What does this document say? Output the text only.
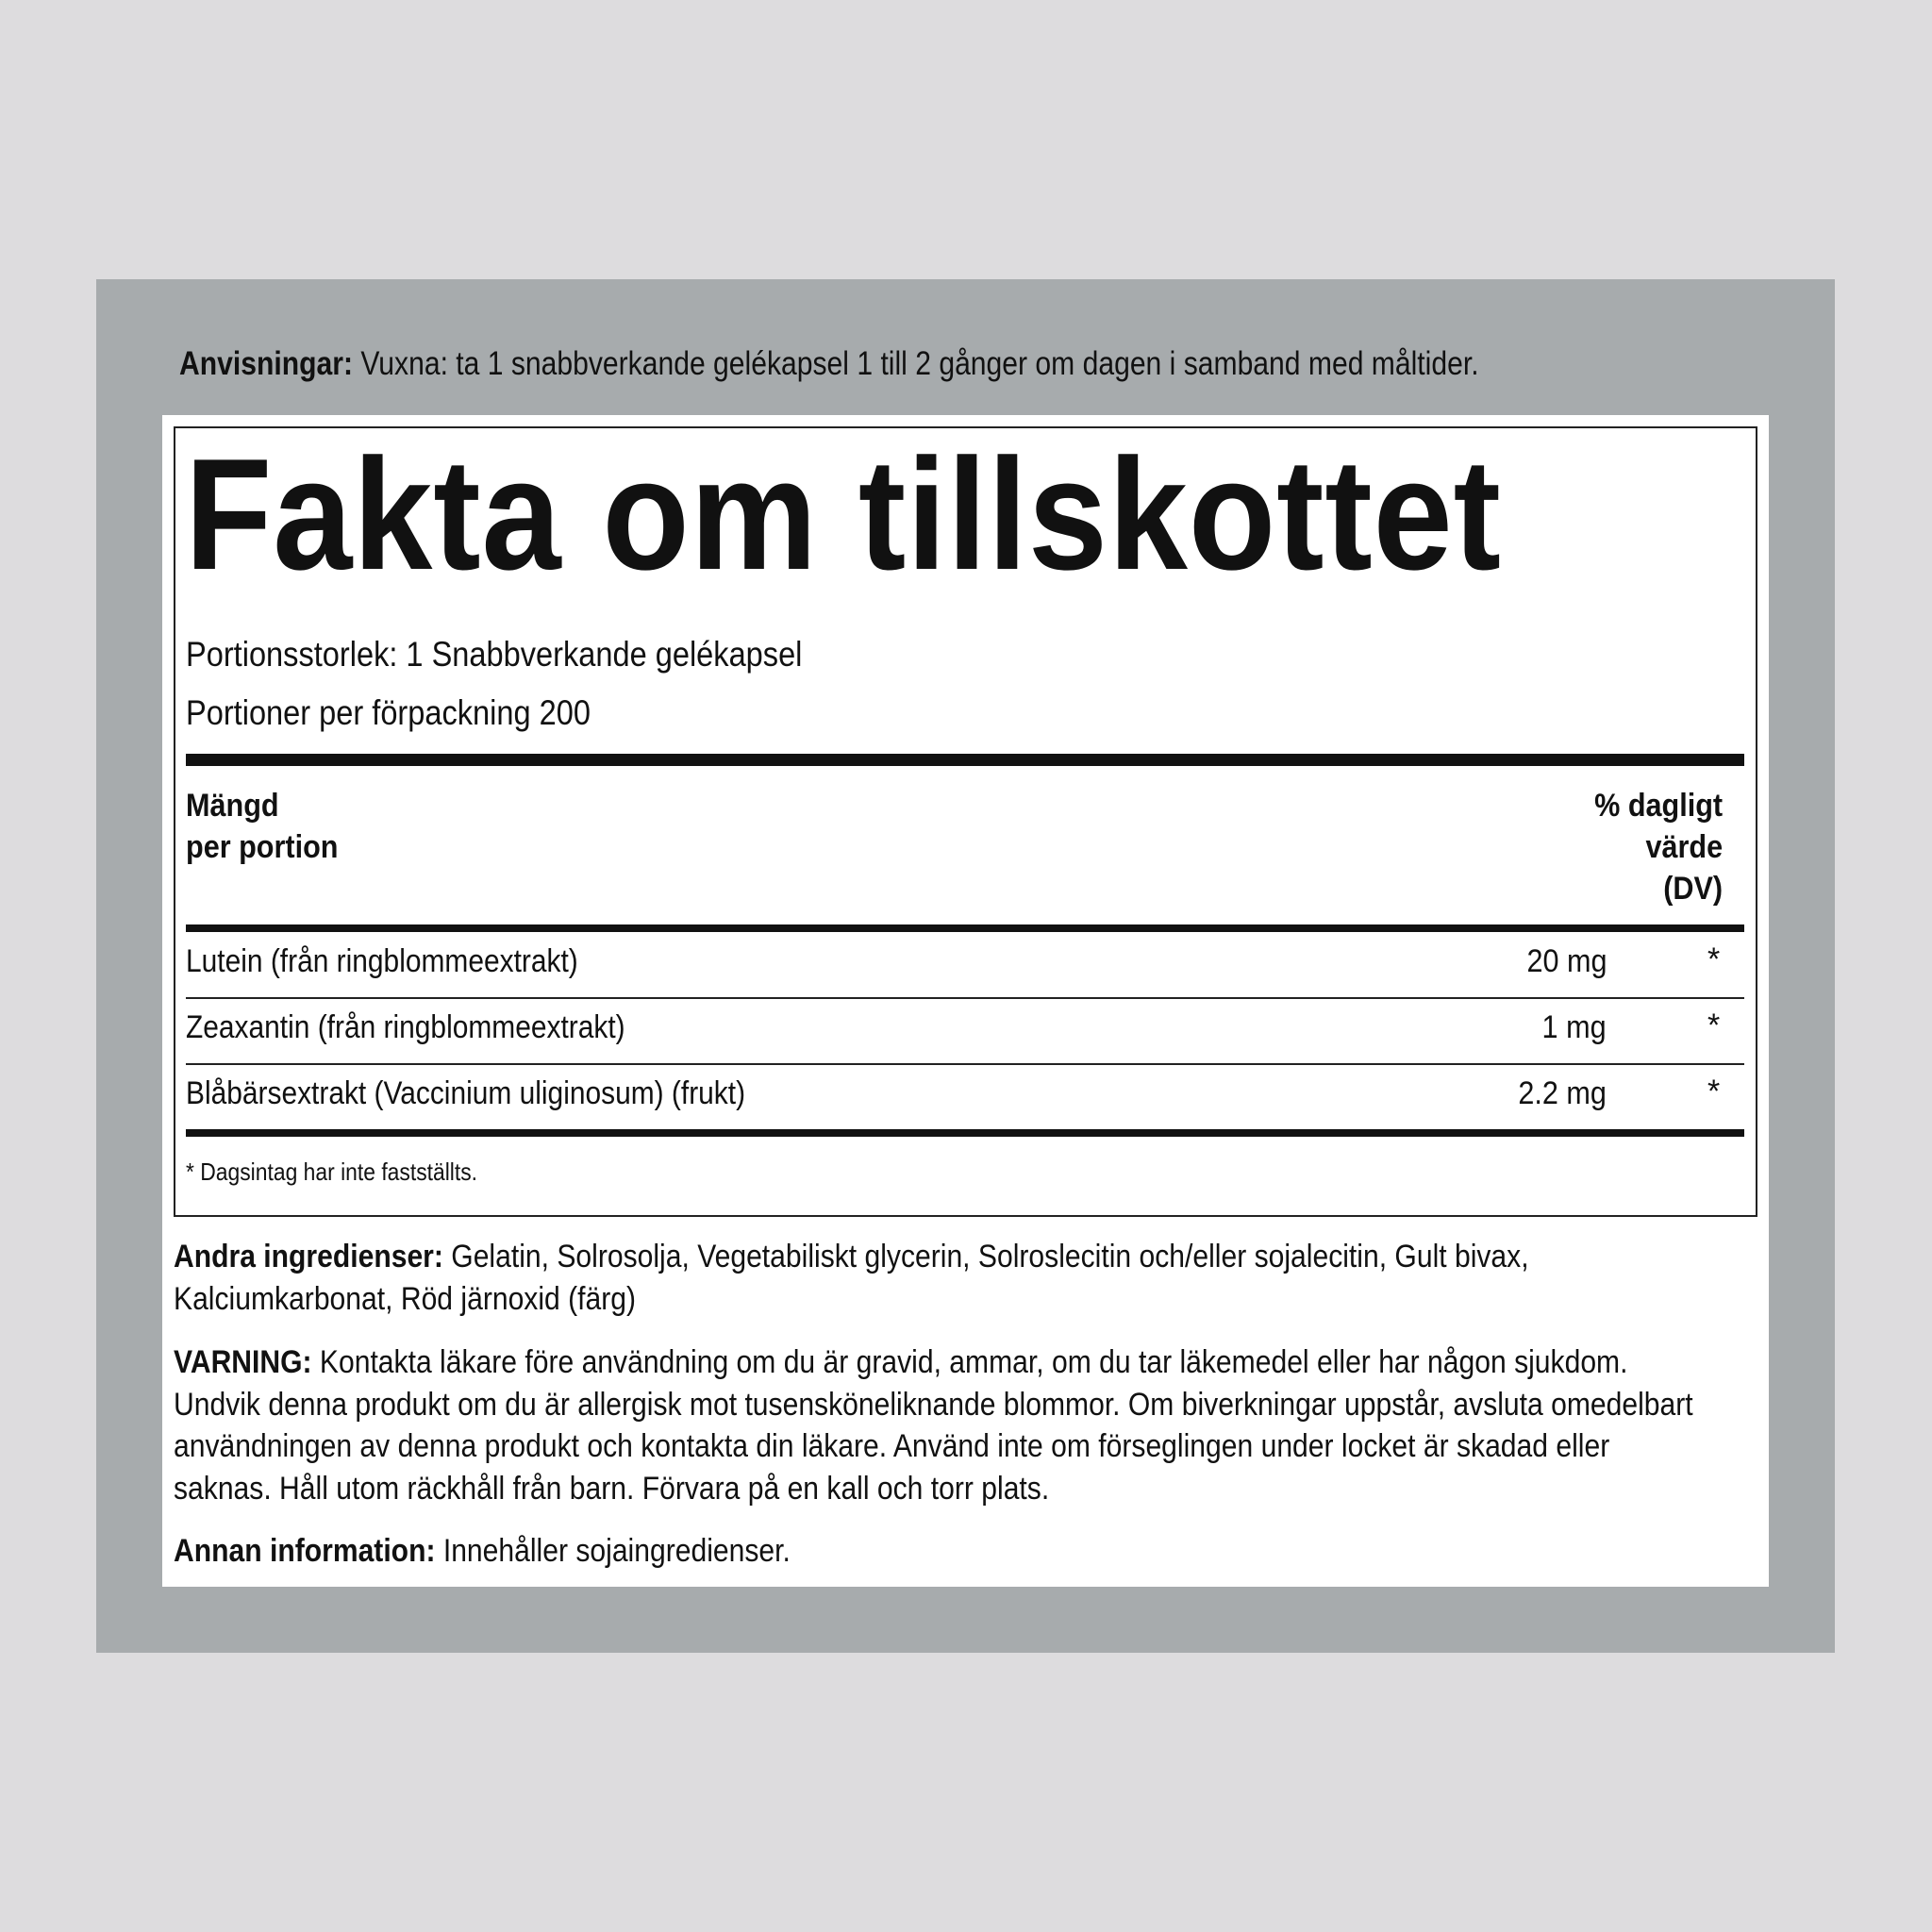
Anvisningar: Vuxna: ta 1 snabbverkande gelékapsel 1 till 2 gånger om dagen i samband med måltider.
Fakta om tillskottet
Portionsstorlek: 1 Snabbverkande gelékapsel
Portioner per förpackning 200
Mängd
per portion
% dagligt
värde
(DV)
Lutein (från ringblommeextrakt)	20 mg	*
Zeaxantin (från ringblommeextrakt)	1 mg	*
Blåbärsextrakt (Vaccinium uliginosum) (frukt)	2.2 mg	*
* Dagsintag har inte fastställts.
Andra ingredienser: Gelatin, Solrosolja, Vegetabiliskt glycerin, Solroslecitin och/eller sojalecitin, Gult bivax, Kalciumkarbonat, Röd järnoxid (färg)
VARNING: Kontakta läkare före användning om du är gravid, ammar, om du tar läkemedel eller har någon sjukdom. Undvik denna produkt om du är allergisk mot tusensköneliknande blommor. Om biverkningar uppstår, avsluta omedelbart användningen av denna produkt och kontakta din läkare. Använd inte om förseglingen under locket är skadad eller saknas. Håll utom räckhåll från barn. Förvara på en kall och torr plats.
Annan information: Innehåller sojaingredienser.
